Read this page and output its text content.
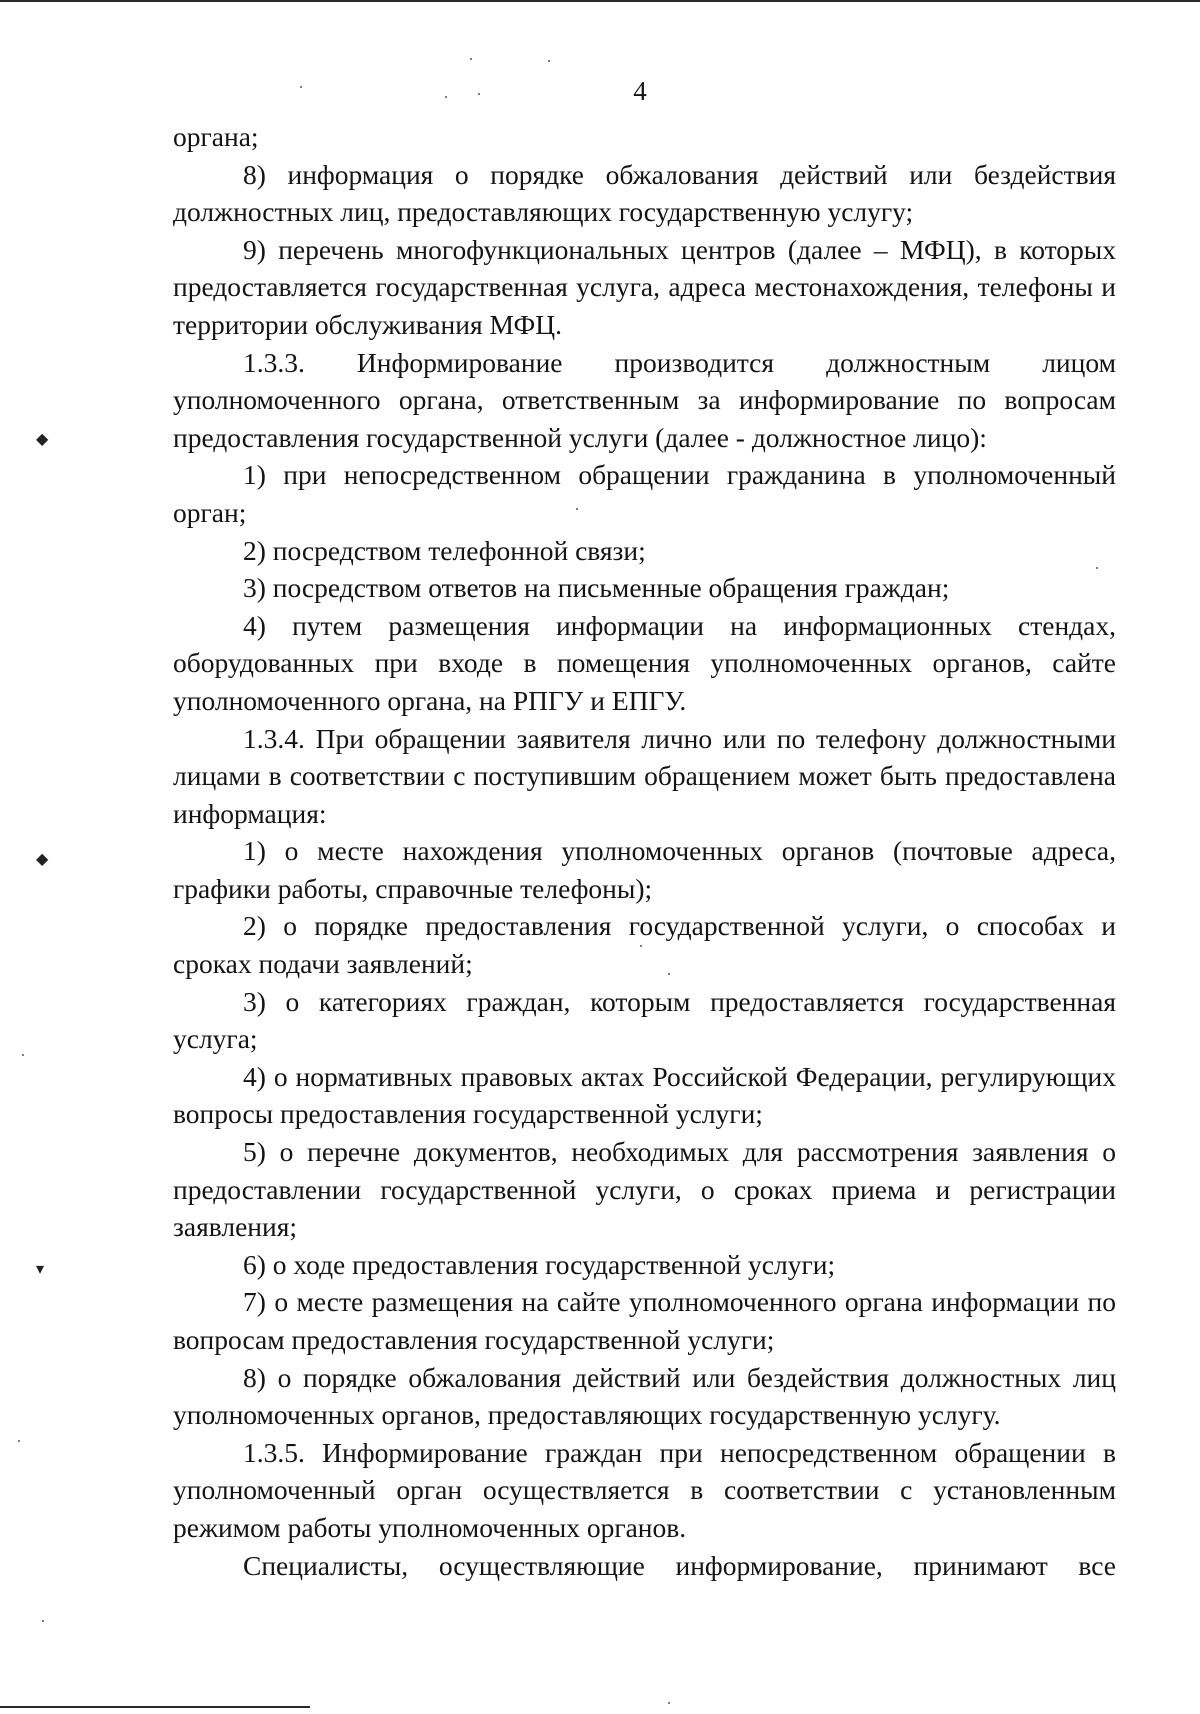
4

органа;

8) информация о порядке обжалования действий или бездействия должностных лиц, предоставляющих государственную услугу;

9) перечень многофункциональных центров (далее – МФЦ), в которых предоставляется государственная услуга, адреса местонахождения, телефоны и территории обслуживания МФЦ.

1.3.3. Информирование производится должностным лицом уполномоченного органа, ответственным за информирование по вопросам предоставления государственной услуги (далее - должностное лицо):

1) при непосредственном обращении гражданина в уполномоченный орган;

2) посредством телефонной связи;

3) посредством ответов на письменные обращения граждан;

4) путем размещения информации на информационных стендах, оборудованных при входе в помещения уполномоченных органов, сайте уполномоченного органа, на РПГУ и ЕПГУ.

1.3.4. При обращении заявителя лично или по телефону должностными лицами в соответствии с поступившим обращением может быть предоставлена информация:

1) о месте нахождения уполномоченных органов (почтовые адреса, графики работы, справочные телефоны);

2) о порядке предоставления государственной услуги, о способах и сроках подачи заявлений;

3) о категориях граждан, которым предоставляется государственная услуга;

4) о нормативных правовых актах Российской Федерации, регулирующих вопросы предоставления государственной услуги;

5) о перечне документов, необходимых для рассмотрения заявления о предоставлении государственной услуги, о сроках приема и регистрации заявления;

6) о ходе предоставления государственной услуги;

7) о месте размещения на сайте уполномоченного органа информации по вопросам предоставления государственной услуги;

8) о порядке обжалования действий или бездействия должностных лиц уполномоченных органов, предоставляющих государственную услугу.

1.3.5. Информирование граждан при непосредственном обращении в уполномоченный орган осуществляется в соответствии с установленным режимом работы уполномоченных органов.

Специалисты, осуществляющие информирование, принимают все

◆
◆
▾
